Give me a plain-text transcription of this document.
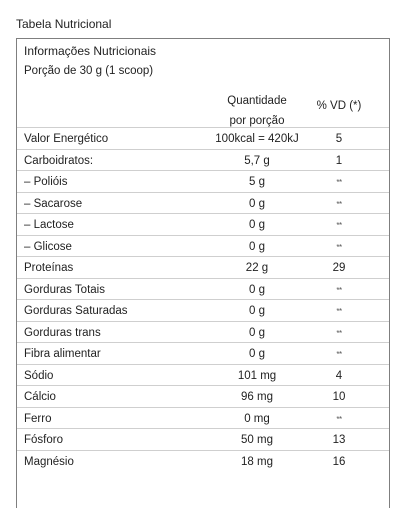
Tabela Nutricional
Informações Nutricionais
Porção de 30 g (1 scoop)
Quantidade
por porção
% VD (*)
Valor Energético	100kcal = 420kJ	5
Carboidratos:	5,7 g	1
– Polióis	5 g	**
– Sacarose	0 g	**
– Lactose	0 g	**
– Glicose	0 g	**
Proteínas	22 g	29
Gorduras Totais	0 g	**
Gorduras Saturadas	0 g	**
Gorduras trans	0 g	**
Fibra alimentar	0 g	**
Sódio	101 mg	4
Cálcio	96 mg	10
Ferro	0 mg	**
Fósforo	50 mg	13
Magnésio	18 mg	16
